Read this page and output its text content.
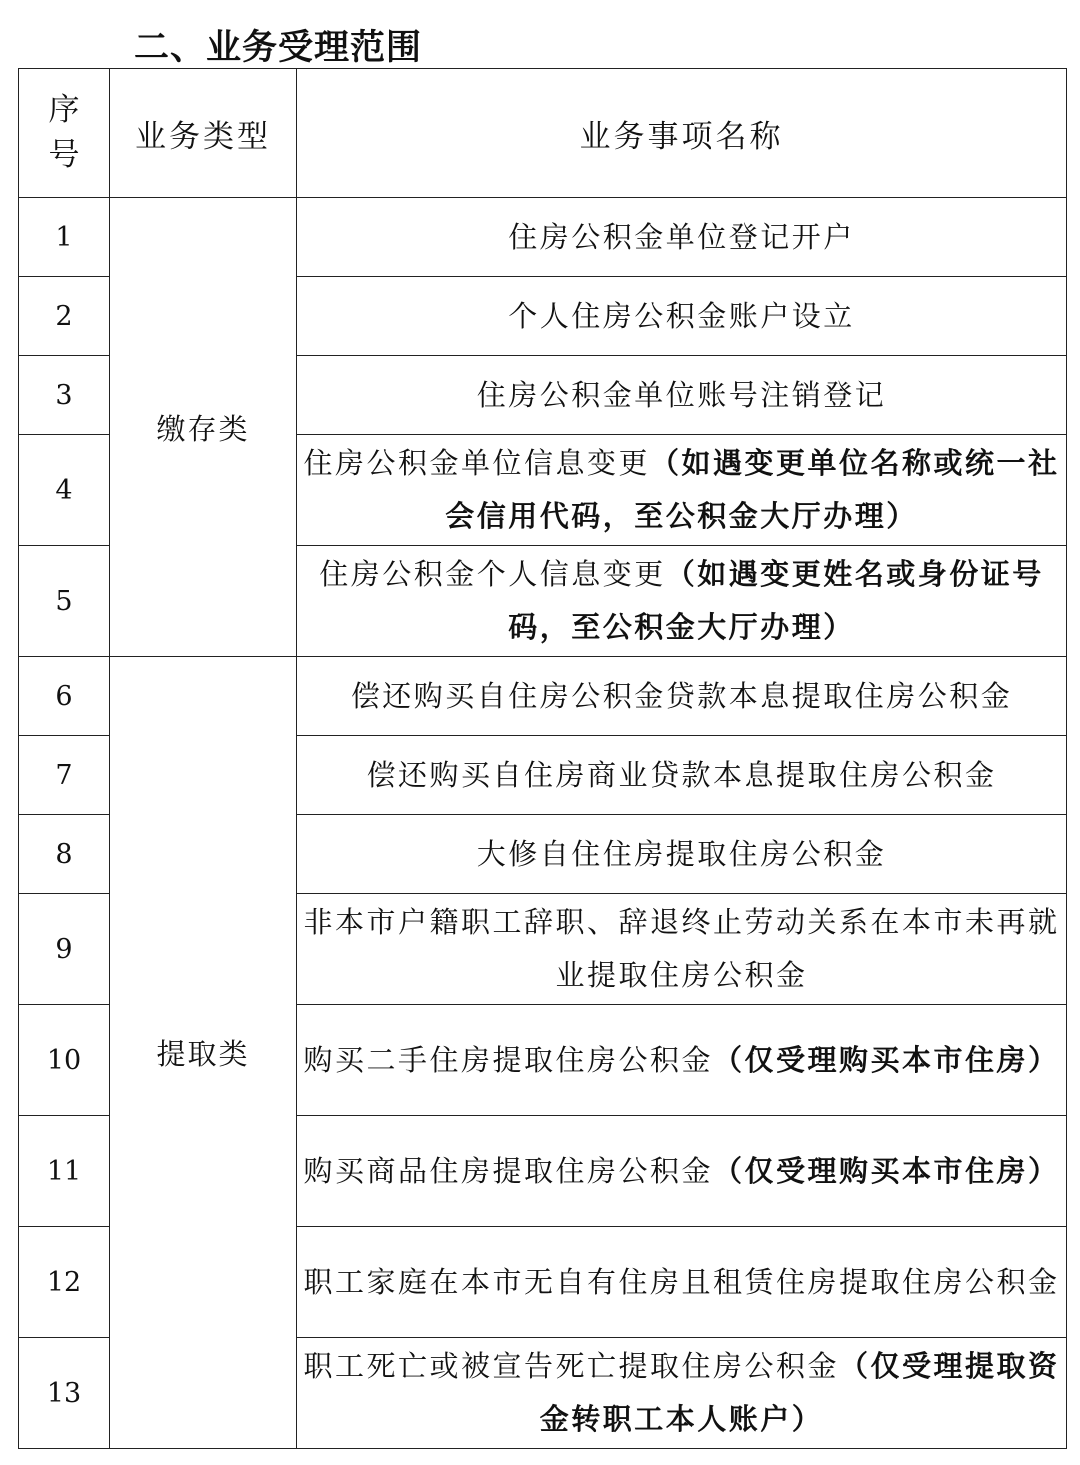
二、业务受理范围
序号	业务类型	业务事项名称
1	缴存类	住房公积金单位登记开户
2		个人住房公积金账户设立
3		住房公积金单位账号注销登记
4		住房公积金单位信息变更（如遇变更单位名称或统一社会信用代码，至公积金大厅办理）
5		住房公积金个人信息变更（如遇变更姓名或身份证号码，至公积金大厅办理）
6	提取类	偿还购买自住房公积金贷款本息提取住房公积金
7		偿还购买自住房商业贷款本息提取住房公积金
8		大修自住住房提取住房公积金
9		非本市户籍职工辞职、辞退终止劳动关系在本市未再就业提取住房公积金
10		购买二手住房提取住房公积金（仅受理购买本市住房）
11		购买商品住房提取住房公积金（仅受理购买本市住房）
12		职工家庭在本市无自有住房且租赁住房提取住房公积金
13		职工死亡或被宣告死亡提取住房公积金（仅受理提取资金转职工本人账户）
